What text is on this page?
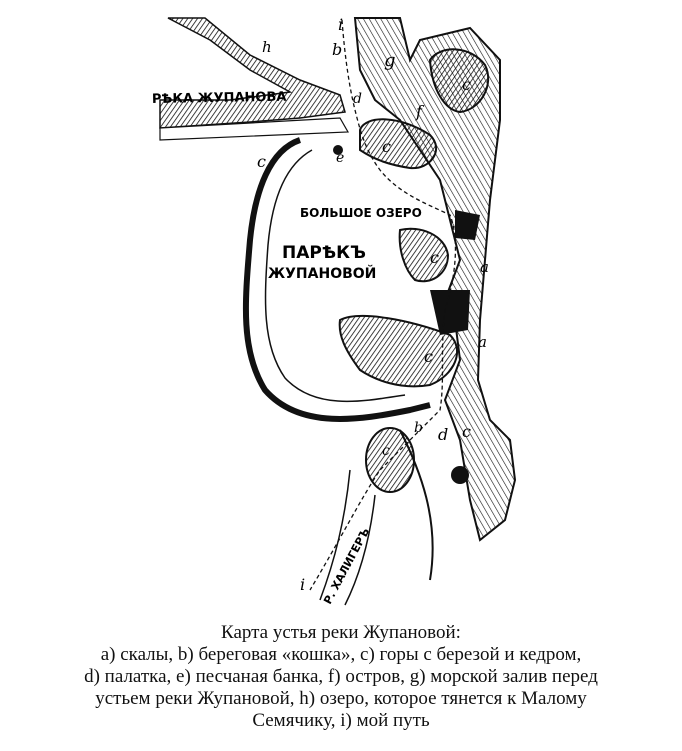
РѢКА ЖУПАНОВА
БОЛЬШОЕ ОЗЕРО
ПАРѢКЪ
ЖУПАНОВОЙ
Р. ХАЛИГЕРЪ
i
b
g
h
d
c
f
c
c
e
c	a
c
a
b d c
c
i
Карта устья реки Жупановой:
а) скалы, b) береговая «кошка», с) горы с березой и кедром,
d) палатка, е) песчаная банка, f) остров, g) морской залив перед
устьем реки Жупановой, h) озеро, которое тянется к Малому
Семячику, i) мой путь
